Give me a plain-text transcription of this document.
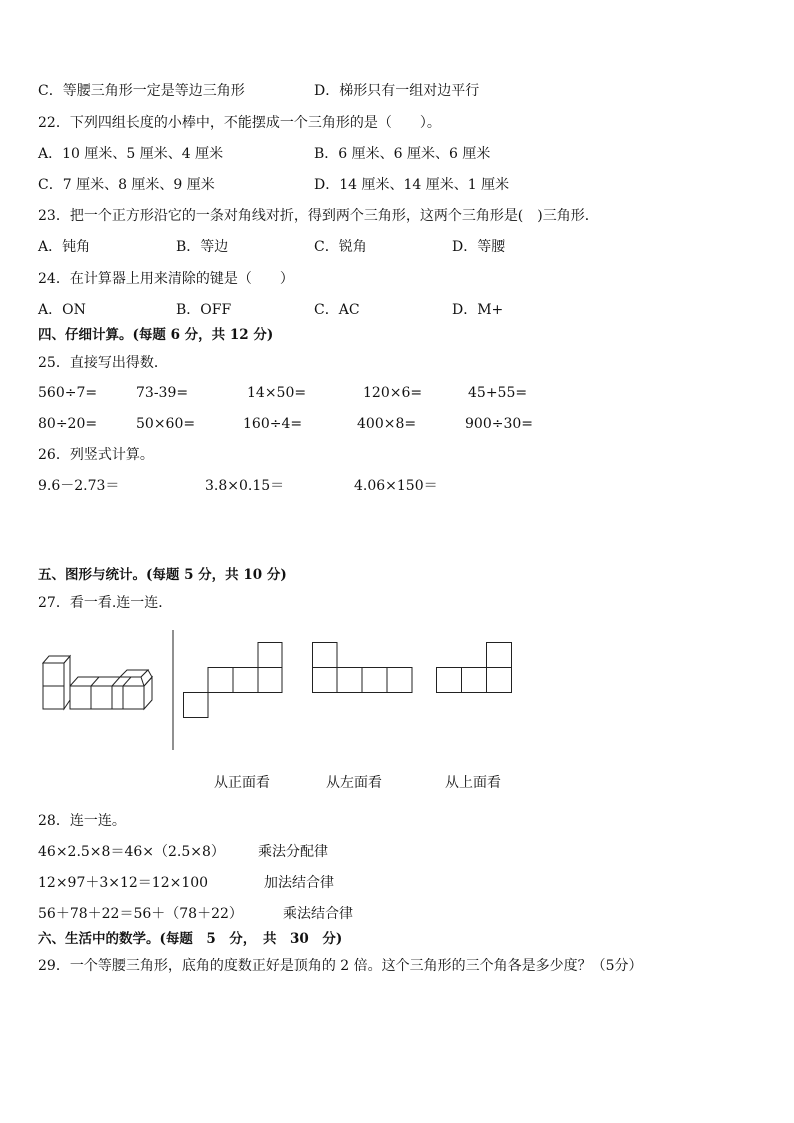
C．等腰三角形一定是等边三角形	D．梯形只有一组对边平行
22．下列四组长度的小棒中，不能摆成一个三角形的是（　　）。
A．10 厘米、5 厘米、4 厘米	B．6 厘米、6 厘米、6 厘米
C．7 厘米、8 厘米、9 厘米	D．14 厘米、14 厘米、1 厘米
23．把一个正方形沿它的一条对角线对折，得到两个三角形，这两个三角形是(　)三角形．
A．钝角	B．等边	C．锐角	D．等腰
24．在计算器上用来清除的键是（　　）
A．ON	B．OFF	C．AC	D．M+
四、仔细计算。(每题 6 分，共 12 分)
25．直接写出得数．
560÷7=	73-39=	14×50=	120×6=	45+55=
80÷20=	50×60=	160÷4=	400×8=	900÷30=
26．列竖式计算。
9.6－2.73＝	3.8×0.15＝	4.06×150＝
五、图形与统计。(每题 5 分，共 10 分)
27．看一看.连一连．
从正面看	从左面看	从上面看
28．连一连。
46×2.5×8＝46×（2.5×8） 乘法分配律
12×97＋3×12＝12×100	加法结合律
56＋78＋22＝56＋（78＋22）	乘法结合律
六、生活中的数学。(每题　5　分，　共　30　分)
29．一个等腰三角形，底角的度数正好是顶角的 2 倍。这个三角形的三个角各是多少度？（5分）
